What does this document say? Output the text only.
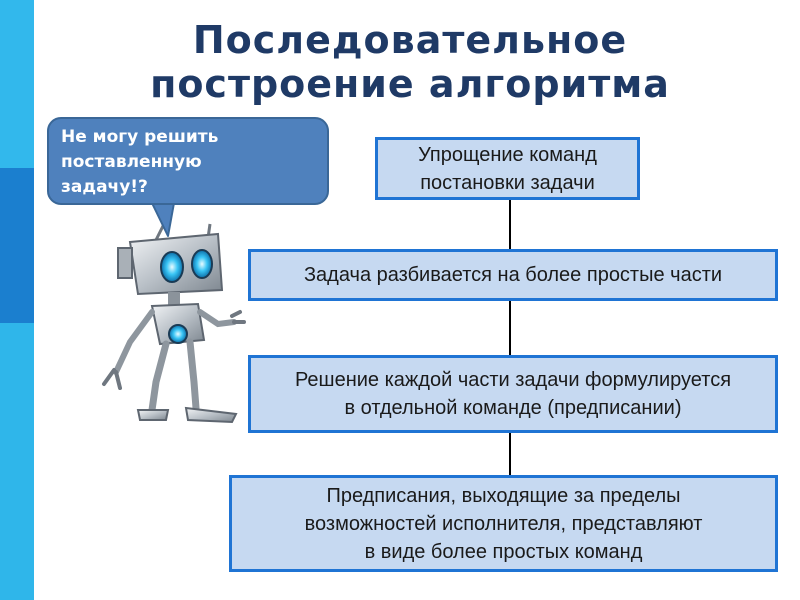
Последовательное
построение алгоритма
Упрощение команд
постановки задачи
Задача разбивается на более простые части
Решение каждой части задачи формулируется
в отдельной команде (предписании)
Предписания, выходящие за пределы
возможностей исполнителя, представляют
в виде более простых команд
Не могу решить
поставленную
задачу!?
